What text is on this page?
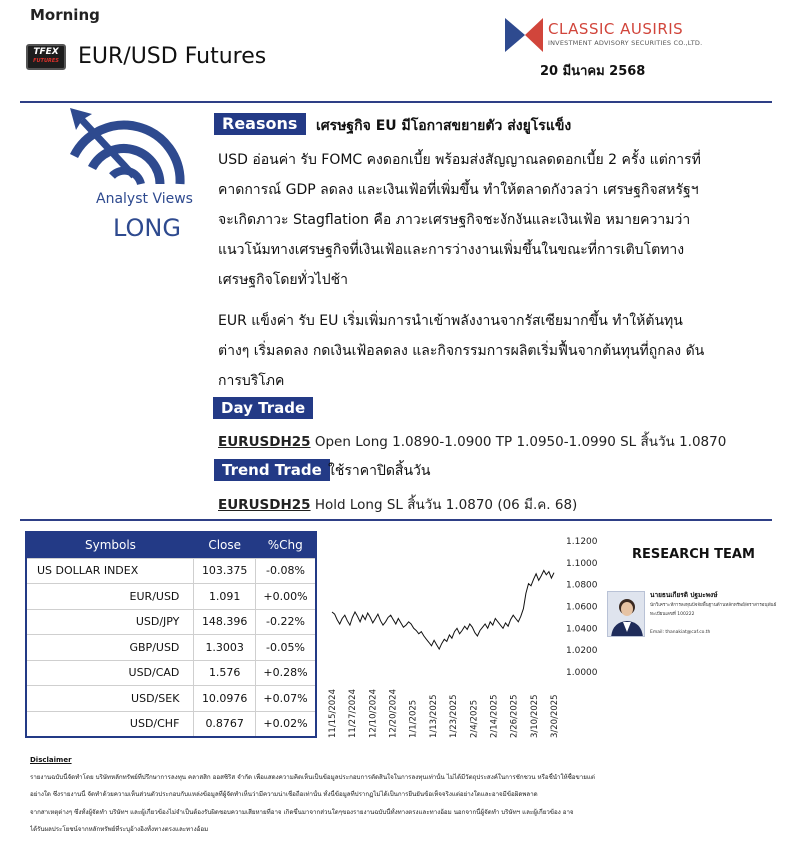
Morning
TFEX
FUTURES EUR/USD Futures
CLASSIC AUSIRIS
INVESTMENT ADVISORY SECURITIES CO.,LTD.
20 มีนาคม 2568
Analyst Views
LONG
Reasons	เศรษฐกิจ EU มีโอกาสขยายตัว ส่งยูโรแข็ง
USD อ่อนค่า รับ FOMC คงดอกเบี้ย พร้อมส่งสัญญาณลดดอกเบี้ย 2 ครั้ง แต่การที่
คาดการณ์ GDP ลดลง และเงินเฟ้อที่เพิ่มขึ้น ทำให้ตลาดกังวลว่า เศรษฐกิจสหรัฐฯ
จะเกิดภาวะ Stagflation คือ ภาวะเศรษฐกิจชะงักงันและเงินเฟ้อ หมายความว่า
แนวโน้มทางเศรษฐกิจที่เงินเฟ้อและการว่างงานเพิ่มขึ้นในขณะที่การเติบโตทาง
เศรษฐกิจโดยทั่วไปช้า
EUR แข็งค่า รับ EU เริ่มเพิ่มการนำเข้าพลังงานจากรัสเซียมากขึ้น ทำให้ต้นทุน
ต่างๆ เริ่มลดลง กดเงินเฟ้อลดลง และกิจกรรมการผลิตเริ่มฟื้นจากต้นทุนที่ถูกลง ดัน
การบริโภค
Day Trade
EURUSDH25 Open Long 1.0890-1.0900 TP 1.0950-1.0990 SL สิ้นวัน 1.0870
Trend Trade ใช้ราคาปิดสิ้นวัน
EURUSDH25 Hold Long SL สิ้นวัน 1.0870 (06 มี.ค. 68)
Symbols	Close	%Chg
US DOLLAR INDEX	103.375	-0.08%
EUR/USD	1.091	+0.00%
USD/JPY	148.396	-0.22%
GBP/USD	1.3003	-0.05%
USD/CAD	1.576	+0.28%
USD/SEK	10.0976	+0.07%
USD/CHF	0.8767	+0.02%
1.1200
1.1000
1.0800
1.0600
1.0400
1.0200
1.0000
11/15/2024 11/27/2024 12/10/2024 12/20/2024 1/1/2025 1/13/2025 1/23/2025 2/4/2025 2/14/2025 2/26/2025 3/10/2025 3/20/2025
RESEARCH TEAM
นายธนเกียรติ ปฐมะพงษ์
นักวิเคราะห์การลงทุนปัจจัยพื้นฐานด้านหลักทรัพย์/ตราสารอนุพันธ์
ทะเบียนเลขที่ 100222
Email: thanakiat@caf.co.th
Disclaimer
รายงานฉบับนี้จัดทำโดย บริษัทหลักทรัพย์ที่ปรึกษาการลงทุน คลาสสิก ออสซิริส จำกัด เพื่อแสดงความคิดเห็นเป็นข้อมูลประกอบการตัดสินใจในการลงทุนเท่านั้น ไม่ได้มีวัตถุประสงค์ในการชักชวน หรือชี้นำให้ซื้อขายแต่
อย่างใด ซึ่งรายงานนี้ จัดทำด้วยความเห็นส่วนตัวประกอบกับแหล่งข้อมูลที่ผู้จัดทำเห็นว่ามีความน่าเชื่อถือเท่านั้น ทั้งนี้ข้อมูลที่ปรากฏไม่ได้เป็นการยืนยันข้อเท็จจริงแต่อย่างใดและอาจมีข้อผิดพลาด
จากสาเหตุต่างๆ ซึ่งทั้งผู้จัดทำ บริษัทฯ และผู้เกี่ยวข้องไม่จำเป็นต้องรับผิดชอบความเสียหายที่อาจ เกิดขึ้นมาจากส่วนใดๆของรายงานฉบับนี้ทั้งทางตรงและทางอ้อม นอกจากนี้ผู้จัดทำ บริษัทฯ และผู้เกี่ยวข้อง อาจ
ได้รับผลประโยชน์จากหลักทรัพย์ที่ระบุอ้างอิงทั้งทางตรงและทางอ้อม
